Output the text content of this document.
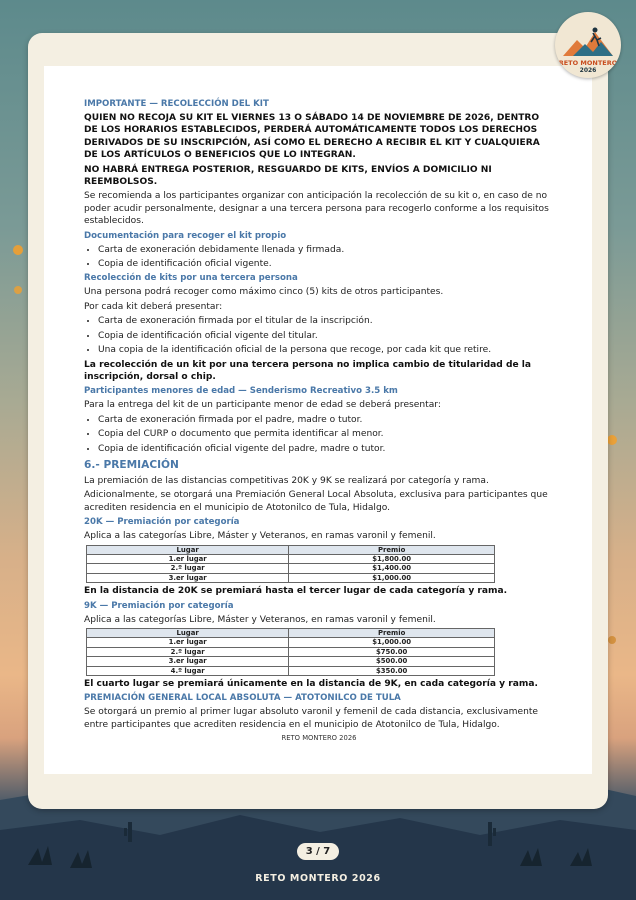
RETO MONTERO
2026
IMPORTANTE — RECOLECCIÓN DEL KIT
QUIEN NO RECOJA SU KIT EL VIERNES 13 O SÁBADO 14 DE NOVIEMBRE DE 2026, DENTRO DE LOS HORARIOS ESTABLECIDOS, PERDERÁ AUTOMÁTICAMENTE TODOS LOS DERECHOS DERIVADOS DE SU INSCRIPCIÓN, ASÍ COMO EL DERECHO A RECIBIR EL KIT Y CUALQUIERA DE LOS ARTÍCULOS O BENEFICIOS QUE LO INTEGRAN.
NO HABRÁ ENTREGA POSTERIOR, RESGUARDO DE KITS, ENVÍOS A DOMICILIO NI REEMBOLSOS.
Se recomienda a los participantes organizar con anticipación la recolección de su kit o, en caso de no poder acudir personalmente, designar a una tercera persona para recogerlo conforme a los requisitos establecidos.
Documentación para recoger el kit propio
• Carta de exoneración debidamente llenada y firmada.
• Copia de identificación oficial vigente.
Recolección de kits por una tercera persona
Una persona podrá recoger como máximo cinco (5) kits de otros participantes.
Por cada kit deberá presentar:
• Carta de exoneración firmada por el titular de la inscripción.
• Copia de identificación oficial vigente del titular.
• Una copia de la identificación oficial de la persona que recoge, por cada kit que retire.
La recolección de un kit por una tercera persona no implica cambio de titularidad de la inscripción, dorsal o chip.
Participantes menores de edad — Senderismo Recreativo 3.5 km
Para la entrega del kit de un participante menor de edad se deberá presentar:
• Carta de exoneración firmada por el padre, madre o tutor.
• Copia del CURP o documento que permita identificar al menor.
• Copia de identificación oficial vigente del padre, madre o tutor.
6.- PREMIACIÓN
La premiación de las distancias competitivas 20K y 9K se realizará por categoría y rama.
Adicionalmente, se otorgará una Premiación General Local Absoluta, exclusiva para participantes que acrediten residencia en el municipio de Atotonilco de Tula, Hidalgo.
20K — Premiación por categoría
Aplica a las categorías Libre, Máster y Veteranos, en ramas varonil y femenil.
Lugar	Premio
1.er lugar	$1,800.00
2.º lugar	$1,400.00
3.er lugar	$1,000.00
En la distancia de 20K se premiará hasta el tercer lugar de cada categoría y rama.
9K — Premiación por categoría
Aplica a las categorías Libre, Máster y Veteranos, en ramas varonil y femenil.
Lugar	Premio
1.er lugar	$1,000.00
2.º lugar	$750.00
3.er lugar	$500.00
4.º lugar	$350.00
El cuarto lugar se premiará únicamente en la distancia de 9K, en cada categoría y rama.
PREMIACIÓN GENERAL LOCAL ABSOLUTA — ATOTONILCO DE TULA
Se otorgará un premio al primer lugar absoluto varonil y femenil de cada distancia, exclusivamente entre participantes que acrediten residencia en el municipio de Atotonilco de Tula, Hidalgo.
RETO MONTERO 2026
3 / 7
RETO MONTERO 2026
